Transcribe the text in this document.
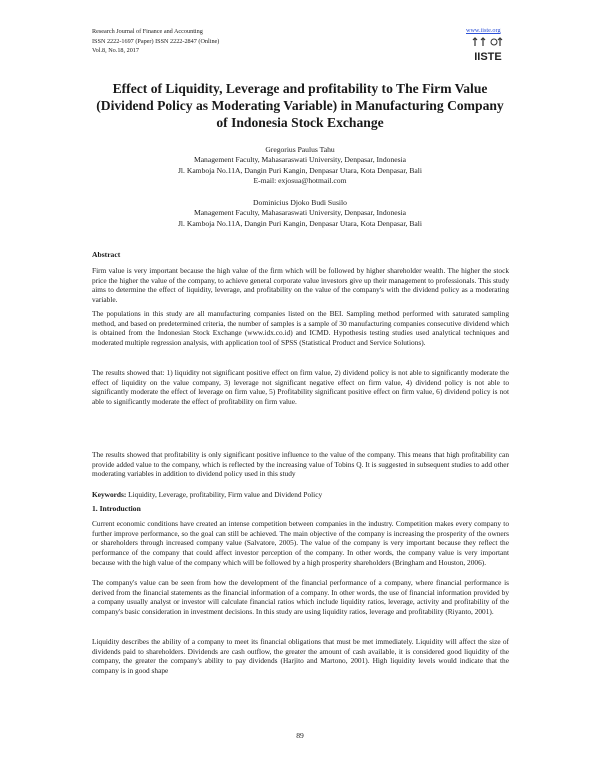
Research Journal of Finance and Accounting
ISSN 2222-1697 (Paper) ISSN 2222-2847 (Online)
Vol.8, No.18, 2017
www.iiste.org
IISTE
Effect of Liquidity, Leverage and profitability to The Firm Value (Dividend Policy as Moderating Variable) in Manufacturing Company of Indonesia Stock Exchange
Gregorius Paulus Tahu
Management Faculty, Mahasaraswati University, Denpasar, Indonesia
Jl. Kamboja No.11A, Dangin Puri Kangin, Denpasar Utara, Kota Denpasar, Bali
E-mail: exjosua@hotmail.com
Dominicius Djoko Budi Susilo
Management Faculty, Mahasaraswati University, Denpasar, Indonesia
Jl. Kamboja No.11A, Dangin Puri Kangin, Denpasar Utara, Kota Denpasar, Bali
Abstract
Firm value is very important because the high value of the firm which will be followed by higher shareholder wealth. The higher the stock price the higher the value of the company, to achieve general corporate value investors give up their management to professionals. This study aims to determine the effect of liquidity, leverage, and profitability on the value of the company's with the dividend policy as a moderating variable.
The populations in this study are all manufacturing companies listed on the BEI. Sampling method performed with saturated sampling method, and based on predetermined criteria, the number of samples is a sample of 30 manufacturing companies consecutive dividend which is obtained from the Indonesian Stock Exchange (www.idx.co.id) and ICMD. Hypothesis testing studies used analytical techniques and moderated multiple regression analysis, with application tool of SPSS (Statistical Product and Service Solutions).
The results showed that: 1) liquidity not significant positive effect on firm value, 2) dividend policy is not able to significantly moderate the effect of liquidity on the value company, 3) leverage not significant negative effect on firm value, 4) dividend policy is not able to significantly moderate the effect of leverage on firm value, 5) Profitability significant positive effect on firm value, 6) dividend policy is not able to significantly moderate the effect of profitability on firm value.
The results showed that profitability is only significant positive influence to the value of the company. This means that high profitability can provide added value to the company, which is reflected by the increasing value of Tobins Q. It is suggested in subsequent studies to add other moderating variables in addition to dividend policy used in this study
Keywords: Liquidity, Leverage, profitability, Firm value and Dividend Policy
1. Introduction
Current economic conditions have created an intense competition between companies in the industry. Competition makes every company to further improve performance, so the goal can still be achieved. The main objective of the company is increasing the prosperity of the owners or shareholders through increased company value (Salvatore, 2005). The value of the company is very important because they reflect the performance of the company that could affect investor perception of the company. In other words, the company value is very important because with the high value of the company which will be followed by a high prosperity shareholders (Bringham and Houston, 2006).
The company's value can be seen from how the development of the financial performance of a company, where financial performance is derived from the financial statements as the financial information of a company. In other words, the use of financial information provided by a company usually analyst or investor will calculate financial ratios which include liquidity ratios, leverage, activity and profitability of the company's basic consideration in investment decisions. In this study are using liquidity ratios, leverage and profitability (Riyanto, 2001).
Liquidity describes the ability of a company to meet its financial obligations that must be met immediately. Liquidity will affect the size of dividends paid to shareholders. Dividends are cash outflow, the greater the amount of cash available, it is considered good liquidity of the company, the greater the company's ability to pay dividends (Harjito and Martono, 2001). High liquidity levels would indicate that the company is in good shape
89
